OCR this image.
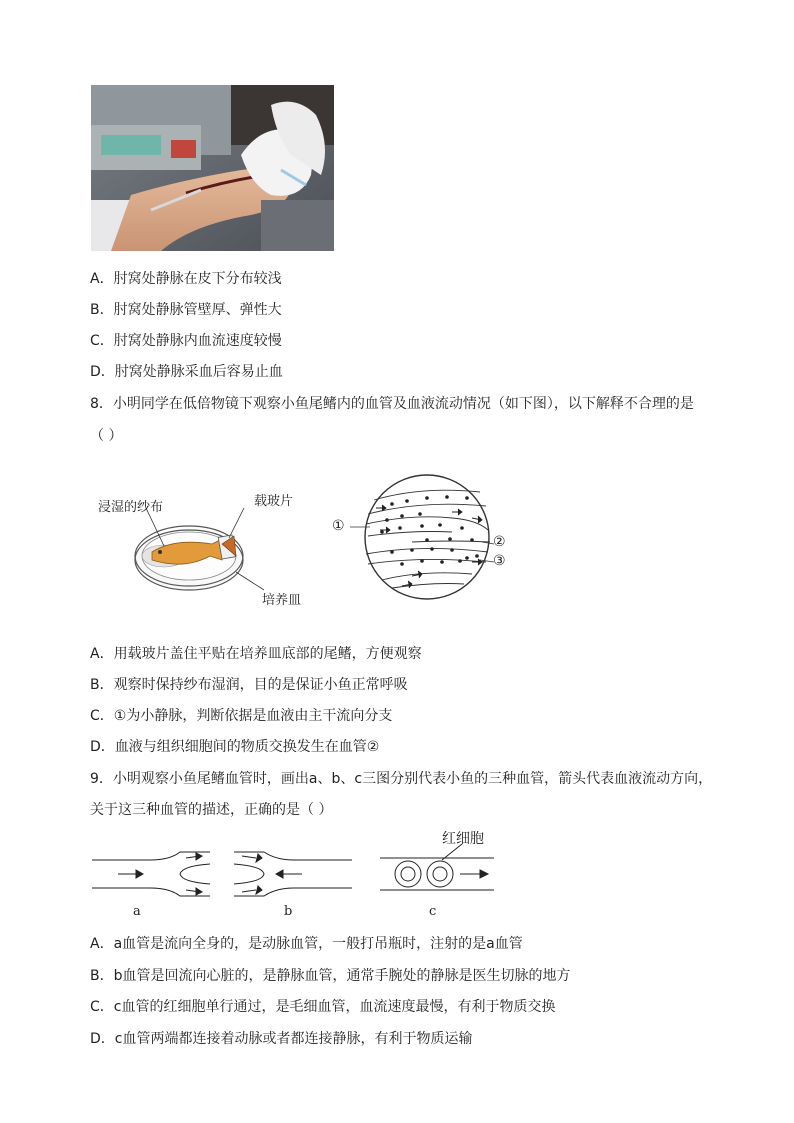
A．肘窝处静脉在皮下分布较浅
B．肘窝处静脉管壁厚、弹性大
C．肘窝处静脉内血流速度较慢
D．肘窝处静脉采血后容易止血
8．小明同学在低倍物镜下观察小鱼尾鳍内的血管及血液流动情况（如下图），以下解释不合理的是
（ ）
浸湿的纱布	载玻片
培养皿
①
②
③
A．用载玻片盖住平贴在培养皿底部的尾鳍，方便观察
B．观察时保持纱布湿润，目的是保证小鱼正常呼吸
C．①为小静脉，判断依据是血液由主干流向分支
D．血液与组织细胞间的物质交换发生在血管②
9．小明观察小鱼尾鳍血管时，画出a、b、c三图分别代表小鱼的三种血管，箭头代表血液流动方向，
关于这三种血管的描述，正确的是（ ）
红细胞
a	b	c
A．a血管是流向全身的，是动脉血管，一般打吊瓶时，注射的是a血管
B．b血管是回流向心脏的，是静脉血管，通常手腕处的静脉是医生切脉的地方
C．c血管的红细胞单行通过，是毛细血管，血流速度最慢，有利于物质交换
D．c血管两端都连接着动脉或者都连接静脉，有利于物质运输
